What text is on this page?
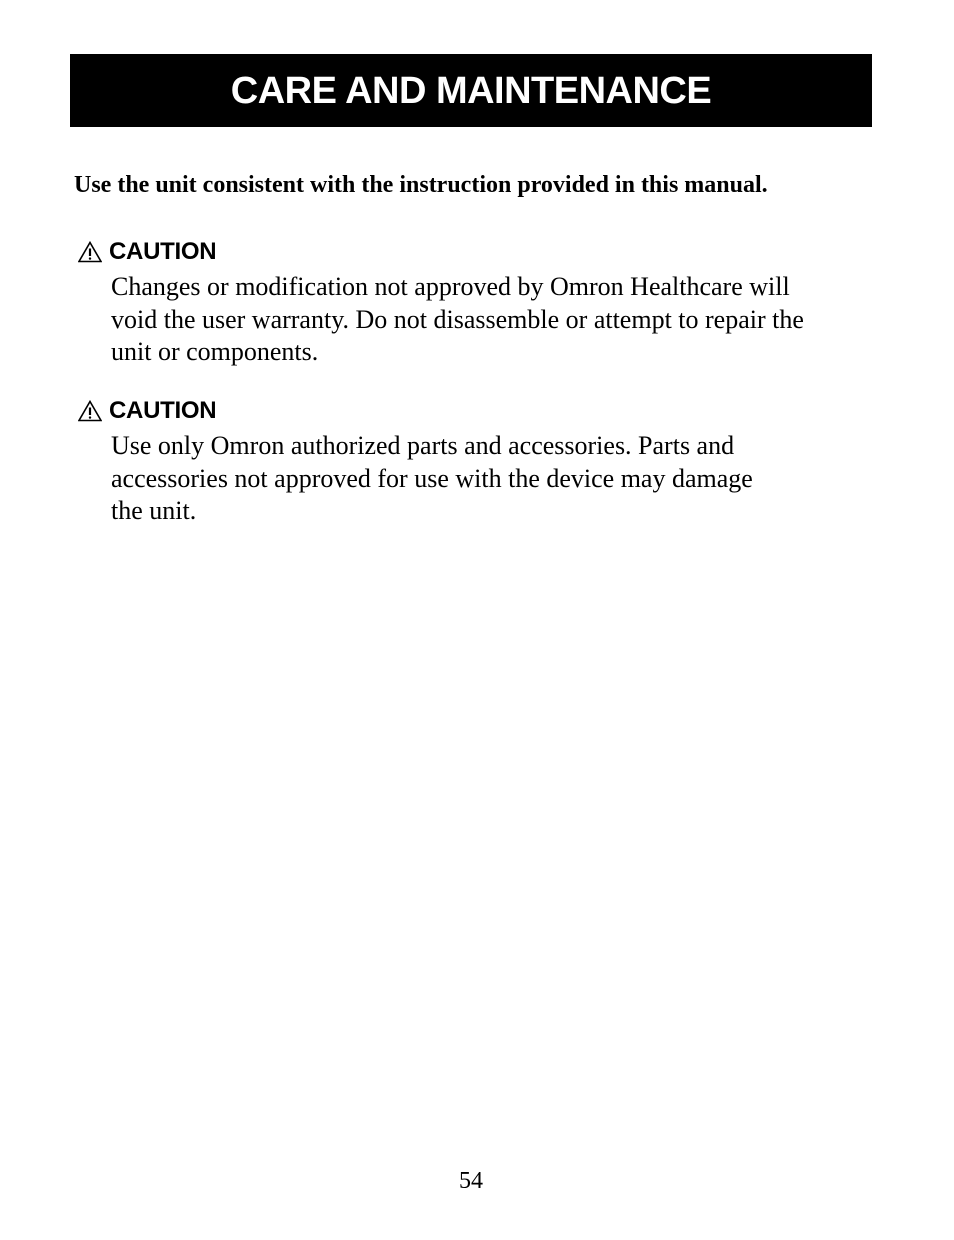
CARE AND MAINTENANCE
Use the unit consistent with the instruction provided in this manual.
CAUTION
Changes or modification not approved by Omron Healthcare will
void the user warranty. Do not disassemble or attempt to repair the
unit or components.
CAUTION
Use only Omron authorized parts and accessories. Parts and
accessories not approved for use with the device may damage
the unit.
54
